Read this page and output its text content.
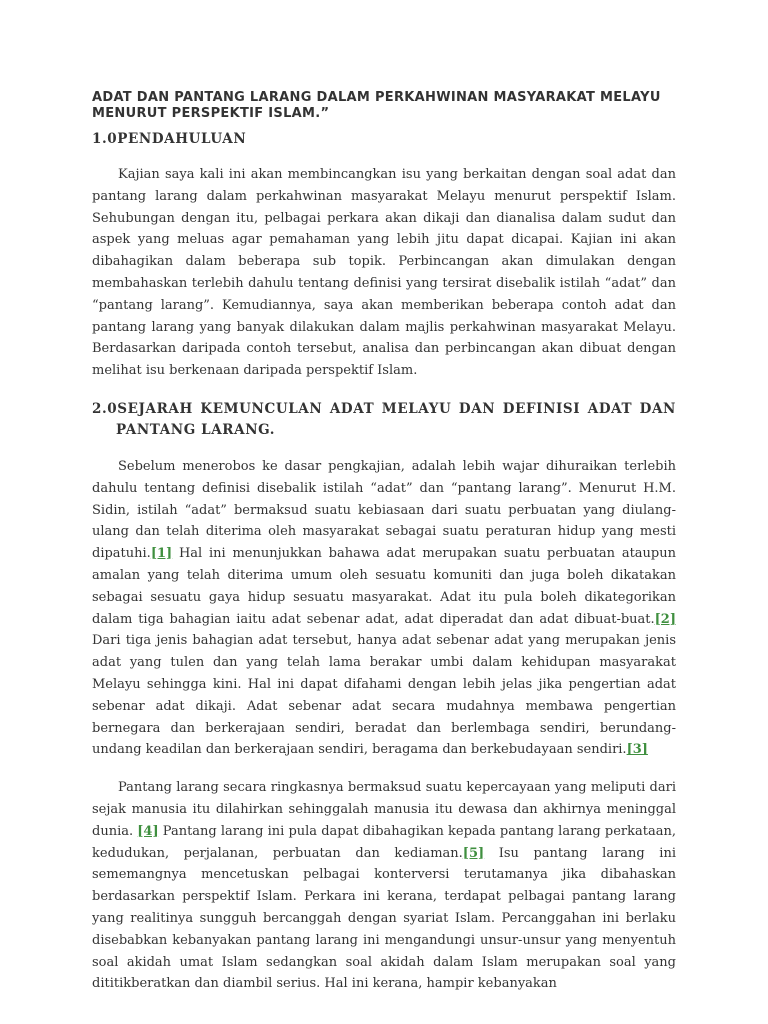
ADAT DAN PANTANG LARANG DALAM PERKAHWINAN MASYARAKAT MELAYU
MENURUT PERSPEKTIF ISLAM.”
1.0PENDAHULUAN

Kajian saya kali ini akan membincangkan isu yang berkaitan dengan soal adat dan pantang larang dalam perkahwinan masyarakat Melayu menurut perspektif Islam. Sehubungan dengan itu, pelbagai perkara akan dikaji dan dianalisa dalam sudut dan aspek yang meluas agar pemahaman yang lebih jitu dapat dicapai. Kajian ini akan dibahagikan dalam beberapa sub topik. Perbincangan akan dimulakan dengan membahaskan terlebih dahulu tentang definisi yang tersirat disebalik istilah “adat” dan “pantang larang”. Kemudiannya, saya akan memberikan beberapa contoh adat dan pantang larang yang banyak dilakukan dalam majlis perkahwinan masyarakat Melayu. Berdasarkan daripada contoh tersebut, analisa dan perbincangan akan dibuat dengan melihat isu berkenaan daripada perspektif Islam.

2.0SEJARAH KEMUNCULAN ADAT MELAYU DAN DEFINISI ADAT DAN
PANTANG LARANG.

Sebelum menerobos ke dasar pengkajian, adalah lebih wajar dihuraikan terlebih dahulu tentang definisi disebalik istilah “adat” dan “pantang larang”. Menurut H.M. Sidin, istilah “adat” bermaksud suatu kebiasaan dari suatu perbuatan yang diulang-ulang dan telah diterima oleh masyarakat sebagai suatu peraturan hidup yang mesti dipatuhi.[1] Hal ini menunjukkan bahawa adat merupakan suatu perbuatan ataupun amalan yang telah diterima umum oleh sesuatu komuniti dan juga boleh dikatakan sebagai sesuatu gaya hidup sesuatu masyarakat. Adat itu pula boleh dikategorikan dalam tiga bahagian iaitu adat sebenar adat, adat diperadat dan adat dibuat-buat.[2] Dari tiga jenis bahagian adat tersebut, hanya adat sebenar adat yang merupakan jenis adat yang tulen dan yang telah lama berakar umbi dalam kehidupan masyarakat Melayu sehingga kini. Hal ini dapat difahami dengan lebih jelas jika pengertian adat sebenar adat dikaji. Adat sebenar adat secara mudahnya membawa pengertian bernegara dan berkerajaan sendiri, beradat dan berlembaga sendiri, berundang-undang keadilan dan berkerajaan sendiri, beragama dan berkebudayaan sendiri.[3]

Pantang larang secara ringkasnya bermaksud suatu kepercayaan yang meliputi dari sejak manusia itu dilahirkan sehinggalah manusia itu dewasa dan akhirnya meninggal dunia. [4] Pantang larang ini pula dapat dibahagikan kepada pantang larang perkataan, kedudukan, perjalanan, perbuatan dan kediaman.[5] Isu pantang larang ini sememangnya mencetuskan pelbagai konterversi terutamanya jika dibahaskan berdasarkan perspektif Islam. Perkara ini kerana, terdapat pelbagai pantang larang yang realitinya sungguh bercanggah dengan syariat Islam. Percanggahan ini berlaku disebabkan kebanyakan pantang larang ini mengandungi unsur-unsur yang menyentuh soal akidah umat Islam sedangkan soal akidah dalam Islam merupakan soal yang dititikberatkan dan diambil serius. Hal ini kerana, hampir kebanyakan
